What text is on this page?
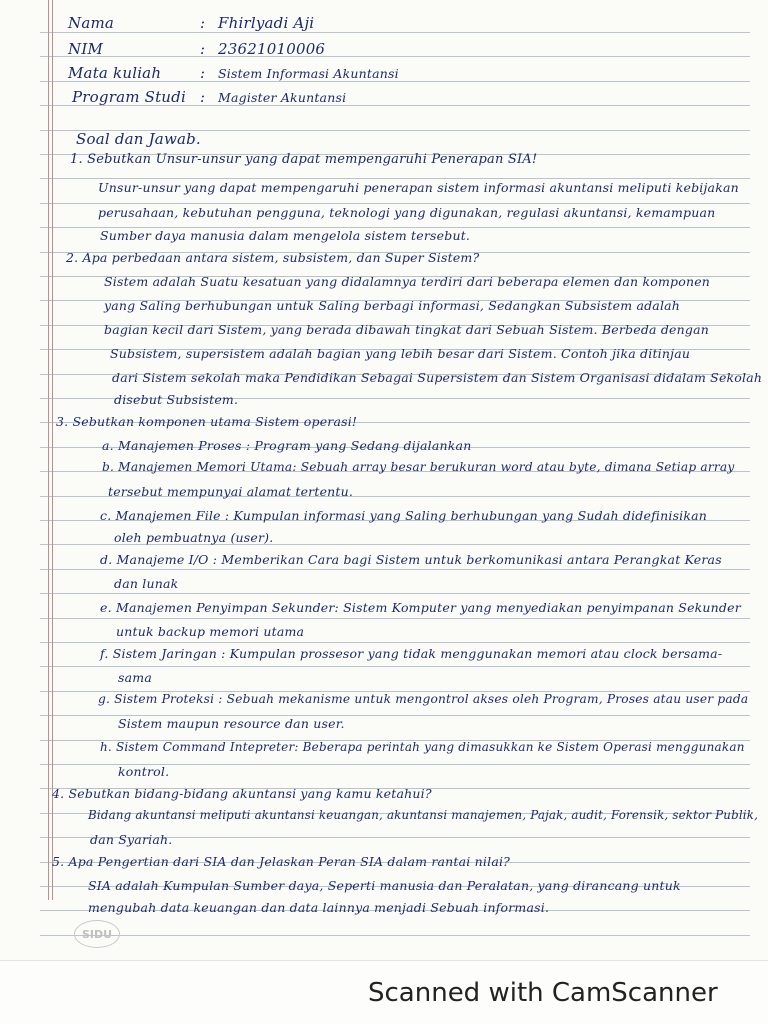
Nama	: Fhirlyadi Aji
NIM	: 23621010006
Mata kuliah	: Sistem Informasi Akuntansi
Program Studi : Magister Akuntansi
Soal dan Jawab.
1. Sebutkan Unsur-unsur yang dapat mempengaruhi Penerapan SIA!
Unsur-unsur yang dapat mempengaruhi penerapan sistem informasi akuntansi meliputi kebijakan
perusahaan, kebutuhan pengguna, teknologi yang digunakan, regulasi akuntansi, kemampuan
Sumber daya manusia dalam mengelola sistem tersebut.
2. Apa perbedaan antara sistem, subsistem, dan Super Sistem?
Sistem adalah Suatu kesatuan yang didalamnya terdiri dari beberapa elemen dan komponen
yang Saling berhubungan untuk Saling berbagi informasi, Sedangkan Subsistem adalah
bagian kecil dari Sistem, yang berada dibawah tingkat dari Sebuah Sistem. Berbeda dengan
Subsistem, supersistem adalah bagian yang lebih besar dari Sistem. Contoh jika ditinjau
dari Sistem sekolah maka Pendidikan Sebagai Supersistem dan Sistem Organisasi didalam Sekolah
disebut Subsistem.
3. Sebutkan komponen utama Sistem operasi!
a. Manajemen Proses : Program yang Sedang dijalankan
b. Manajemen Memori Utama: Sebuah array besar berukuran word atau byte, dimana Setiap array
tersebut mempunyai alamat tertentu.
c. Manajemen File : Kumpulan informasi yang Saling berhubungan yang Sudah didefinisikan
oleh pembuatnya (user).
d. Manajeme I/O : Memberikan Cara bagi Sistem untuk berkomunikasi antara Perangkat Keras
dan lunak
e. Manajemen Penyimpan Sekunder: Sistem Komputer yang menyediakan penyimpanan Sekunder
untuk backup memori utama
f. Sistem Jaringan : Kumpulan prossesor yang tidak menggunakan memori atau clock bersama-
sama
g. Sistem Proteksi : Sebuah mekanisme untuk mengontrol akses oleh Program, Proses atau user pada
Sistem maupun resource dan user.
h. Sistem Command Intepreter: Beberapa perintah yang dimasukkan ke Sistem Operasi menggunakan
kontrol.
4. Sebutkan bidang-bidang akuntansi yang kamu ketahui?
Bidang akuntansi meliputi akuntansi keuangan, akuntansi manajemen, Pajak, audit, Forensik, sektor Publik,
dan Syariah.
5. Apa Pengertian dari SIA dan Jelaskan Peran SIA dalam rantai nilai?
SIA adalah Kumpulan Sumber daya, Seperti manusia dan Peralatan, yang dirancang untuk
mengubah data keuangan dan data lainnya menjadi Sebuah informasi.
SIDU
Scanned with CamScanner
